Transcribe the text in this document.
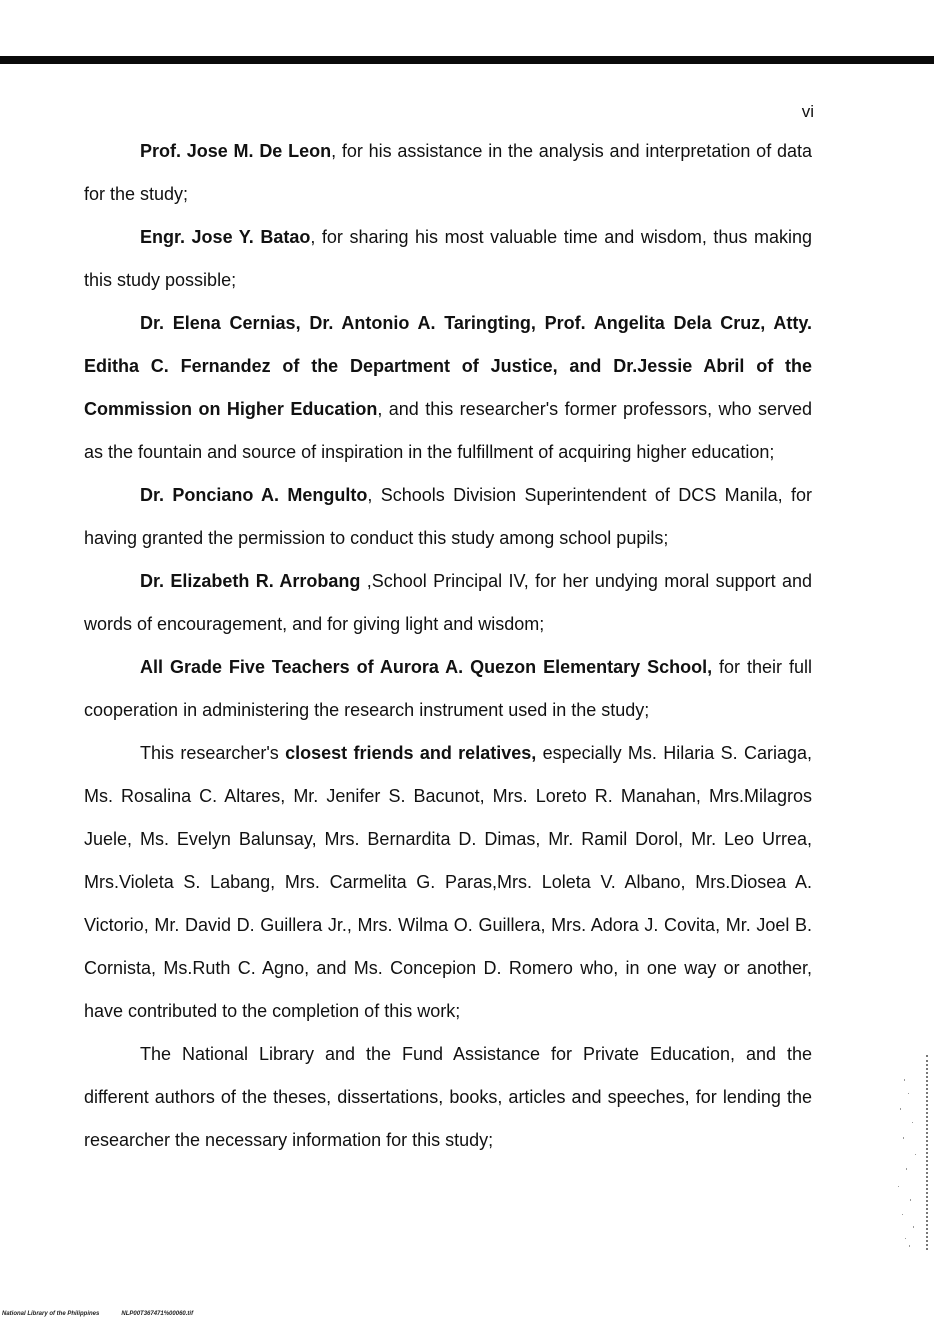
vi

Prof. Jose M. De Leon, for his assistance in the analysis and interpretation of data for the study;

Engr. Jose Y. Batao, for sharing his most valuable time and wisdom, thus making this study possible;

Dr. Elena Cernias, Dr. Antonio A. Taringting, Prof. Angelita Dela Cruz, Atty. Editha C. Fernandez of the Department of Justice, and Dr.Jessie Abril of the Commission on Higher Education, and this researcher's former professors, who served as the fountain and source of inspiration in the fulfillment of acquiring higher education;

Dr. Ponciano A. Mengulto, Schools Division Superintendent of DCS Manila, for having granted the permission to conduct this study among school pupils;

Dr. Elizabeth R. Arrobang ,School Principal IV, for her undying moral support and words of encouragement, and for giving light and wisdom;

All Grade Five Teachers of Aurora A. Quezon Elementary School, for their full cooperation in administering the research instrument used in the study;

This researcher's closest friends and relatives, especially Ms. Hilaria S. Cariaga, Ms. Rosalina C. Altares, Mr. Jenifer S. Bacunot, Mrs. Loreto R. Manahan, Mrs.Milagros Juele, Ms. Evelyn Balunsay, Mrs. Bernardita D. Dimas, Mr. Ramil Dorol, Mr. Leo Urrea, Mrs.Violeta S. Labang, Mrs. Carmelita G. Paras,Mrs. Loleta V. Albano, Mrs.Diosea A. Victorio, Mr. David D. Guillera Jr., Mrs. Wilma O. Guillera, Mrs. Adora J. Covita, Mr. Joel B. Cornista, Ms.Ruth C. Agno, and Ms. Concepion D. Romero who, in one way or another, have contributed to the completion of this work;

The National Library and the Fund Assistance for Private Education, and the different authors of the theses, dissertations, books, articles and speeches, for lending the researcher the necessary information for this study;

National Library of the Philippines	NLP00T367471%00060.tif
